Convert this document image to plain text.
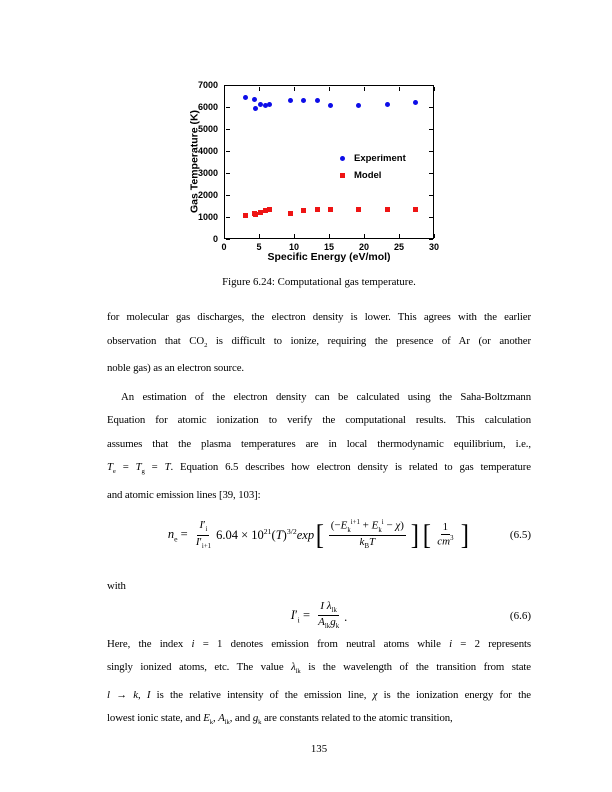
Gas Temperature (K)	Experiment
Model
Specific Energy (eV/mol)
0	5	10	15	20	25	30
0
1000
2000
3000
4000
5000
6000
7000
Figure 6.24: Computational gas temperature.
for molecular gas discharges, the electron density is lower. This agrees with the earlier
observation that $CO_2$ is difficult to ionize, requiring the presence of Ar (or another
noble gas) as an electron source.
An estimation of the electron density can be calculated using the Saha-Boltzmann
Equation for atomic ionization to verify the computational results. This calculation
assumes that the plasma temperatures are in local thermodynamic equilibrium, i.e.,
$T_e = T_g = T$. Equation 6.5 describes how electron density is related to gas temperature
and atomic emission lines [39, 103]:
$n_e = \frac{I'_i}{I'_{i+1}} 6.04 \times 10^{21}(T)^{3/2}\exp$ [ $\frac{(-E_k^{i+1} + E_k^i - \chi)}{k_BT}$ ] [ $\frac{1}{cm^3}$ ]	(6.5)
with
$I'_i = \frac{I \lambda_{lk}}{A_{lk}g_k}$ .	(6.6)
Here, the index i = 1 denotes emission from neutral atoms while i = 2 represents
singly ionized atoms, etc. The value $\lambda_{lk}$ is the wavelength of the transition from state
l → k, I is the relative intensity of the emission line, χ is the ionization energy for the
lowest ionic state, and $E_k$, $A_{lk}$, and $g_k$ are constants related to the atomic transition,
135
